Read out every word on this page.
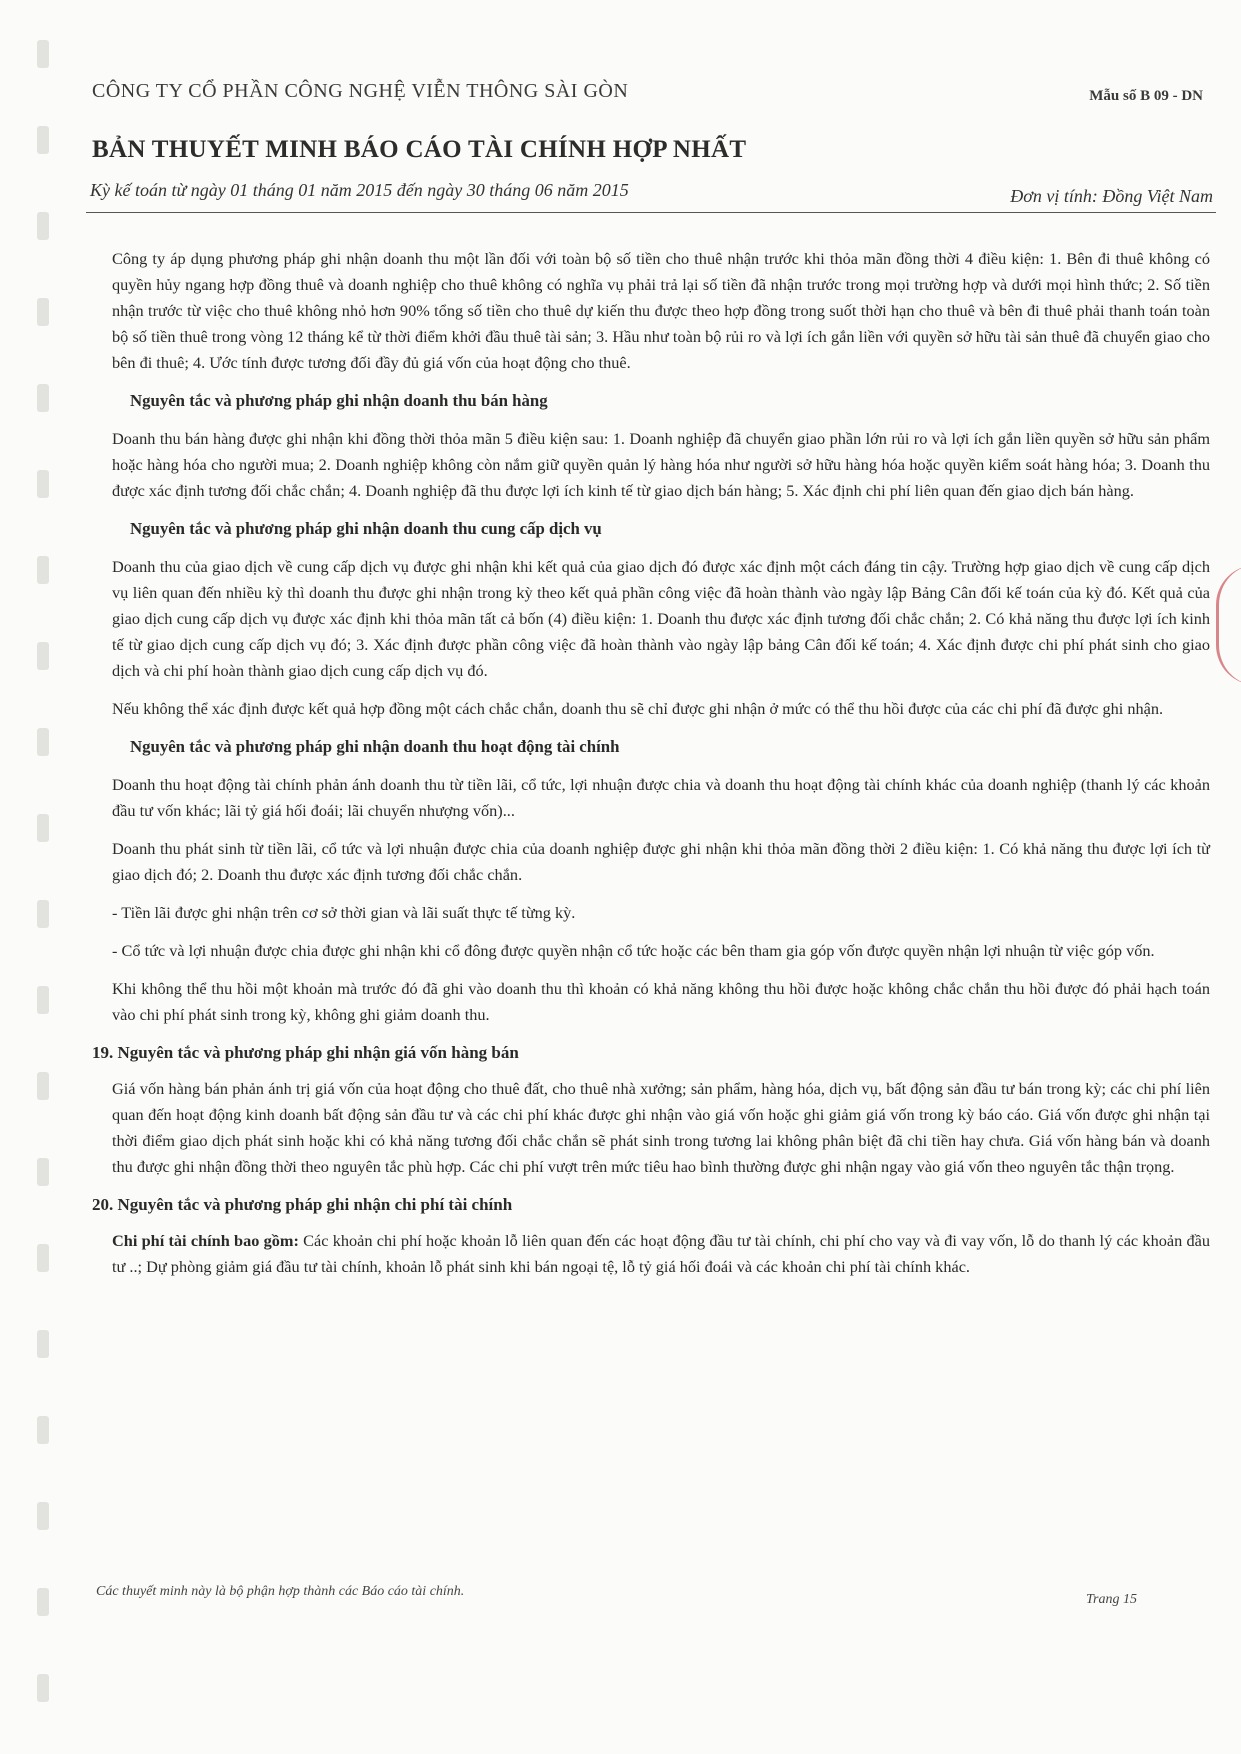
CÔNG TY CỔ PHẦN CÔNG NGHỆ VIỄN THÔNG SÀI GÒN	Mẫu số B 09 - DN
BẢN THUYẾT MINH BÁO CÁO TÀI CHÍNH HỢP NHẤT
Kỳ kế toán từ ngày 01 tháng 01 năm 2015 đến ngày 30 tháng 06 năm 2015	Đơn vị tính: Đồng Việt Nam

Công ty áp dụng phương pháp ghi nhận doanh thu một lần đối với toàn bộ số tiền cho thuê nhận trước khi thỏa mãn đồng thời 4 điều kiện: 1. Bên đi thuê không có quyền hủy ngang hợp đồng thuê và doanh nghiệp cho thuê không có nghĩa vụ phải trả lại số tiền đã nhận trước trong mọi trường hợp và dưới mọi hình thức; 2. Số tiền nhận trước từ việc cho thuê không nhỏ hơn 90% tổng số tiền cho thuê dự kiến thu được theo hợp đồng trong suốt thời hạn cho thuê và bên đi thuê phải thanh toán toàn bộ số tiền thuê trong vòng 12 tháng kể từ thời điểm khởi đầu thuê tài sản; 3. Hầu như toàn bộ rủi ro và lợi ích gắn liền với quyền sở hữu tài sản thuê đã chuyển giao cho bên đi thuê; 4. Ước tính được tương đối đầy đủ giá vốn của hoạt động cho thuê.

Nguyên tắc và phương pháp ghi nhận doanh thu bán hàng

Doanh thu bán hàng được ghi nhận khi đồng thời thỏa mãn 5 điều kiện sau: 1. Doanh nghiệp đã chuyển giao phần lớn rủi ro và lợi ích gắn liền quyền sở hữu sản phẩm hoặc hàng hóa cho người mua; 2. Doanh nghiệp không còn nắm giữ quyền quản lý hàng hóa như người sở hữu hàng hóa hoặc quyền kiểm soát hàng hóa; 3. Doanh thu được xác định tương đối chắc chắn; 4. Doanh nghiệp đã thu được lợi ích kinh tế từ giao dịch bán hàng; 5. Xác định chi phí liên quan đến giao dịch bán hàng.

Nguyên tắc và phương pháp ghi nhận doanh thu cung cấp dịch vụ

Doanh thu của giao dịch về cung cấp dịch vụ được ghi nhận khi kết quả của giao dịch đó được xác định một cách đáng tin cậy. Trường hợp giao dịch về cung cấp dịch vụ liên quan đến nhiều kỳ thì doanh thu được ghi nhận trong kỳ theo kết quả phần công việc đã hoàn thành vào ngày lập Bảng Cân đối kế toán của kỳ đó. Kết quả của giao dịch cung cấp dịch vụ được xác định khi thỏa mãn tất cả bốn (4) điều kiện: 1. Doanh thu được xác định tương đối chắc chắn; 2. Có khả năng thu được lợi ích kinh tế từ giao dịch cung cấp dịch vụ đó; 3. Xác định được phần công việc đã hoàn thành vào ngày lập bảng Cân đối kế toán; 4. Xác định được chi phí phát sinh cho giao dịch và chi phí hoàn thành giao dịch cung cấp dịch vụ đó.

Nếu không thể xác định được kết quả hợp đồng một cách chắc chắn, doanh thu sẽ chỉ được ghi nhận ở mức có thể thu hồi được của các chi phí đã được ghi nhận.

Nguyên tắc và phương pháp ghi nhận doanh thu hoạt động tài chính

Doanh thu hoạt động tài chính phản ánh doanh thu từ tiền lãi, cổ tức, lợi nhuận được chia và doanh thu hoạt động tài chính khác của doanh nghiệp (thanh lý các khoản đầu tư vốn khác; lãi tỷ giá hối đoái; lãi chuyển nhượng vốn)...

Doanh thu phát sinh từ tiền lãi, cổ tức và lợi nhuận được chia của doanh nghiệp được ghi nhận khi thỏa mãn đồng thời 2 điều kiện: 1. Có khả năng thu được lợi ích từ giao dịch đó; 2. Doanh thu được xác định tương đối chắc chắn.

- Tiền lãi được ghi nhận trên cơ sở thời gian và lãi suất thực tế từng kỳ.

- Cổ tức và lợi nhuận được chia được ghi nhận khi cổ đông được quyền nhận cổ tức hoặc các bên tham gia góp vốn được quyền nhận lợi nhuận từ việc góp vốn.

Khi không thể thu hồi một khoản mà trước đó đã ghi vào doanh thu thì khoản có khả năng không thu hồi được hoặc không chắc chắn thu hồi được đó phải hạch toán vào chi phí phát sinh trong kỳ, không ghi giảm doanh thu.

19. Nguyên tắc và phương pháp ghi nhận giá vốn hàng bán

Giá vốn hàng bán phản ánh trị giá vốn của hoạt động cho thuê đất, cho thuê nhà xưởng; sản phẩm, hàng hóa, dịch vụ, bất động sản đầu tư bán trong kỳ; các chi phí liên quan đến hoạt động kinh doanh bất động sản đầu tư và các chi phí khác được ghi nhận vào giá vốn hoặc ghi giảm giá vốn trong kỳ báo cáo. Giá vốn được ghi nhận tại thời điểm giao dịch phát sinh hoặc khi có khả năng tương đối chắc chắn sẽ phát sinh trong tương lai không phân biệt đã chi tiền hay chưa. Giá vốn hàng bán và doanh thu được ghi nhận đồng thời theo nguyên tắc phù hợp. Các chi phí vượt trên mức tiêu hao bình thường được ghi nhận ngay vào giá vốn theo nguyên tắc thận trọng.

20. Nguyên tắc và phương pháp ghi nhận chi phí tài chính

Chi phí tài chính bao gồm: Các khoản chi phí hoặc khoản lỗ liên quan đến các hoạt động đầu tư tài chính, chi phí cho vay và đi vay vốn, lỗ do thanh lý các khoản đầu tư ..; Dự phòng giảm giá đầu tư tài chính, khoản lỗ phát sinh khi bán ngoại tệ, lỗ tỷ giá hối đoái và các khoản chi phí tài chính khác.

Các thuyết minh này là bộ phận hợp thành các Báo cáo tài chính.
Trang 15
